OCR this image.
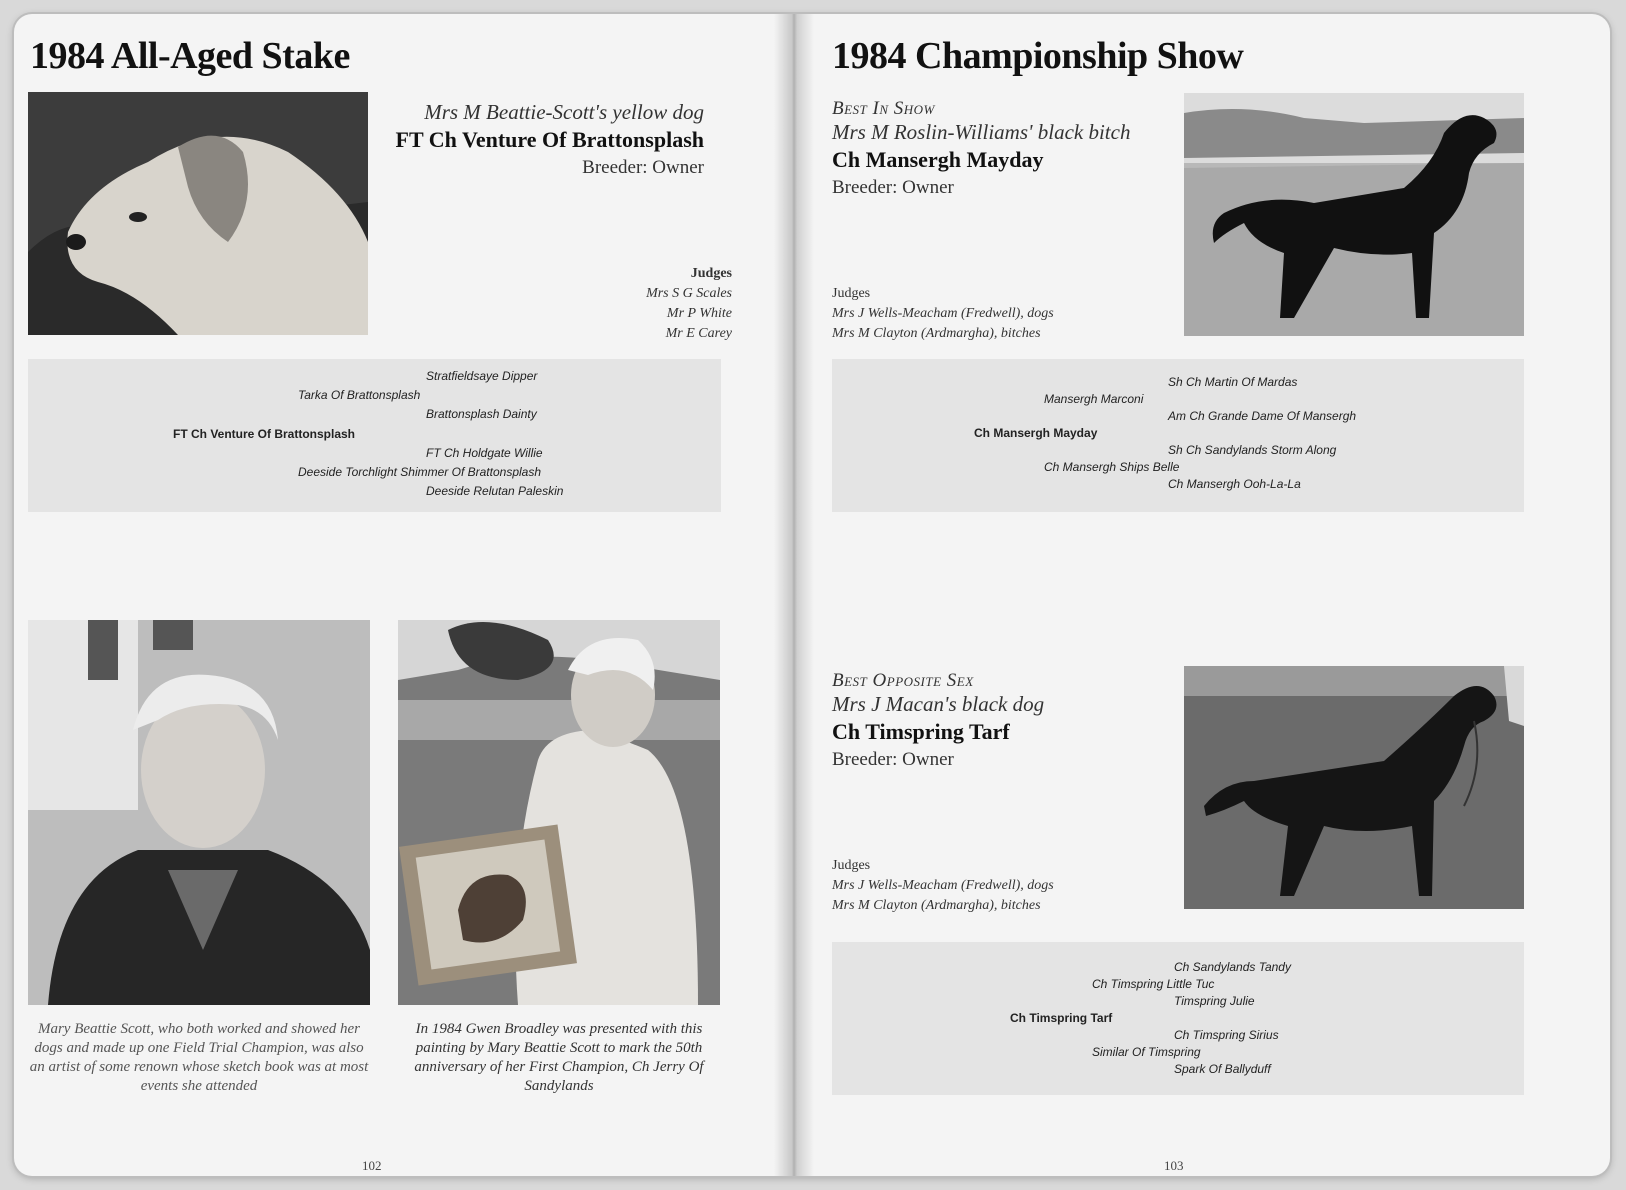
1984 All-Aged Stake
Mrs M Beattie-Scott's yellow dog
FT Ch Venture Of Brattonsplash
Breeder: Owner
Judges
Mrs S G Scales
Mr P White
Mr E Carey
Stratfieldsaye Dipper
Tarka Of Brattonsplash
Brattonsplash Dainty
FT Ch Venture Of Brattonsplash
FT Ch Holdgate Willie
Deeside Torchlight Shimmer Of Brattonsplash
Deeside Relutan Paleskin
Mary Beattie Scott, who both worked and showed her dogs and made up one Field Trial Champion, was also an artist of some renown whose sketch book was at most events she attended
In 1984 Gwen Broadley was presented with this painting by Mary Beattie Scott to mark the 50th anniversary of her First Champion, Ch Jerry Of Sandylands
102
1984 Championship Show
Best In Show
Mrs M Roslin-Williams' black bitch
Ch Mansergh Mayday
Breeder: Owner
Judges
Mrs J Wells-Meacham (Fredwell), dogs
Mrs M Clayton (Ardmargha), bitches
Sh Ch Martin Of Mardas
Mansergh Marconi
Am Ch Grande Dame Of Mansergh
Ch Mansergh Mayday
Sh Ch Sandylands Storm Along
Ch Mansergh Ships Belle
Ch Mansergh Ooh-La-La
Best Opposite Sex
Mrs J Macan's black dog
Ch Timspring Tarf
Breeder: Owner
Judges
Mrs J Wells-Meacham (Fredwell), dogs
Mrs M Clayton (Ardmargha), bitches
Ch Sandylands Tandy
Ch Timspring Little Tuc
Timspring Julie
Ch Timspring Tarf
Ch Timspring Sirius
Similar Of Timspring
Spark Of Ballyduff
103
